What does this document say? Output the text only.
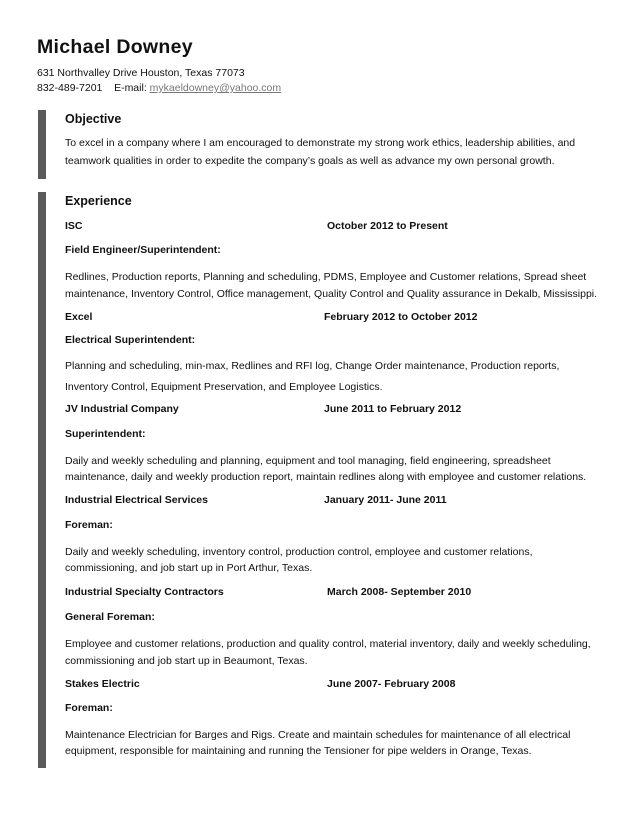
Michael Downey
631 Northvalley Drive Houston, Texas 77073
832-489-7201 E-mail: mykaeldowney@yahoo.com
Objective
To excel in a company where I am encouraged to demonstrate my strong work ethics, leadership abilities, and
teamwork qualities in order to expedite the company’s goals as well as advance my own personal growth.
Experience
ISC	October 2012 to Present
Field Engineer/Superintendent:
Redlines, Production reports, Planning and scheduling, PDMS, Employee and Customer relations, Spread sheet
maintenance, Inventory Control, Office management, Quality Control and Quality assurance in Dekalb, Mississippi.
Excel	February 2012 to October 2012
Electrical Superintendent:
Planning and scheduling, min-max, Redlines and RFI log, Change Order maintenance, Production reports,
Inventory Control, Equipment Preservation, and Employee Logistics.
JV Industrial Company	June 2011 to February 2012
Superintendent:
Daily and weekly scheduling and planning, equipment and tool managing, field engineering, spreadsheet
maintenance, daily and weekly production report, maintain redlines along with employee and customer relations.
Industrial Electrical Services	January 2011- June 2011
Foreman:
Daily and weekly scheduling, inventory control, production control, employee and customer relations,
commissioning, and job start up in Port Arthur, Texas.
Industrial Specialty Contractors	March 2008- September 2010
General Foreman:
Employee and customer relations, production and quality control, material inventory, daily and weekly scheduling,
commissioning and job start up in Beaumont, Texas.
Stakes Electric	June 2007- February 2008
Foreman:
Maintenance Electrician for Barges and Rigs. Create and maintain schedules for maintenance of all electrical
equipment, responsible for maintaining and running the Tensioner for pipe welders in Orange, Texas.
